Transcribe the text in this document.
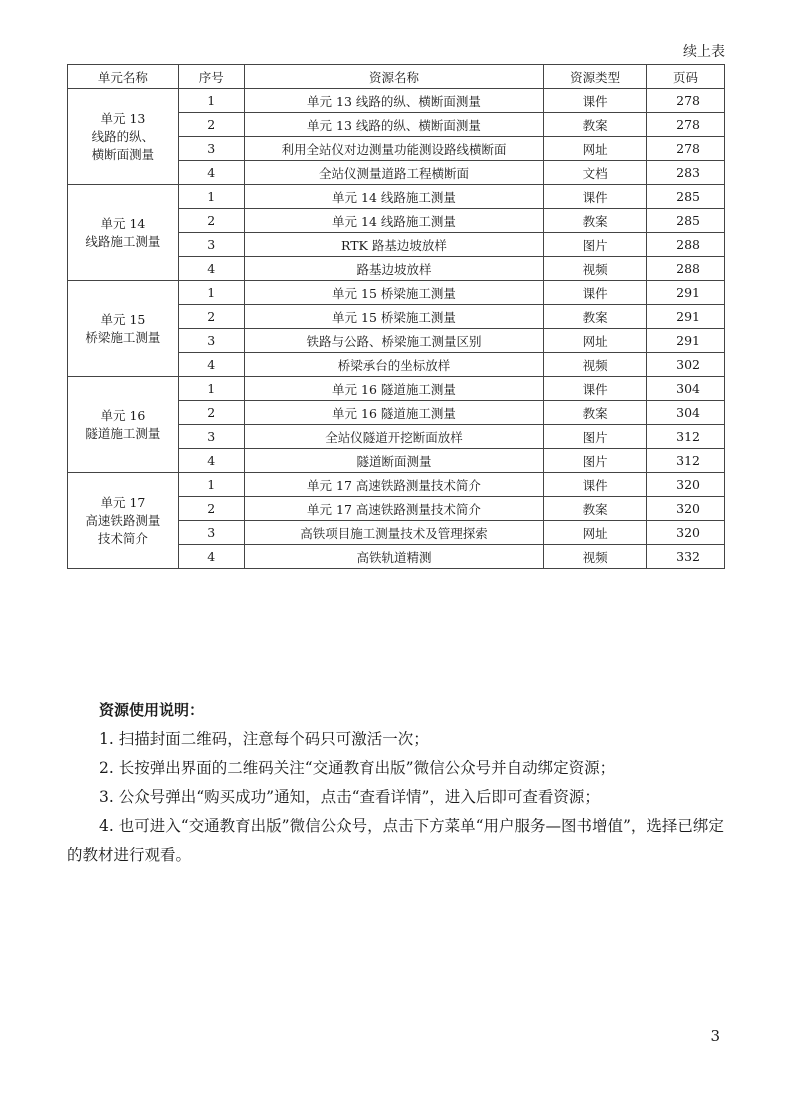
续上表
单元名称	序号	资源名称	资源类型	页码

单元 13
线路的纵、
横断面测量	1	单元 13 线路的纵、横断面测量	课件	278
	2	单元 13 线路的纵、横断面测量	教案	278
	3	利用全站仪对边测量功能测设路线横断面	网址	278
	4	全站仪测量道路工程横断面	文档	283

单元 14
线路施工测量	1	单元 14 线路施工测量	课件	285
	2	单元 14 线路施工测量	教案	285
	3	RTK 路基边坡放样	图片	288
	4	路基边坡放样	视频	288

单元 15
桥梁施工测量	1	单元 15 桥梁施工测量	课件	291
	2	单元 15 桥梁施工测量	教案	291
	3	铁路与公路、桥梁施工测量区别	网址	291
	4	桥梁承台的坐标放样	视频	302

单元 16
隧道施工测量	1	单元 16 隧道施工测量	课件	304
	2	单元 16 隧道施工测量	教案	304
	3	全站仪隧道开挖断面放样	图片	312
	4	隧道断面测量	图片	312

单元 17
高速铁路测量
技术简介	1	单元 17 高速铁路测量技术简介	课件	320
	2	单元 17 高速铁路测量技术简介	教案	320
	3	高铁项目施工测量技术及管理探索	网址	320
	4	高铁轨道精测	视频	332
资源使用说明：
1. 扫描封面二维码，注意每个码只可激活一次；
2. 长按弹出界面的二维码关注“交通教育出版”微信公众号并自动绑定资源；
3. 公众号弹出“购买成功”通知，点击“查看详情”，进入后即可查看资源；
4. 也可进入“交通教育出版”微信公众号，点击下方菜单“用户服务—图书增值”，选择已绑定的教材进行观看。
3
